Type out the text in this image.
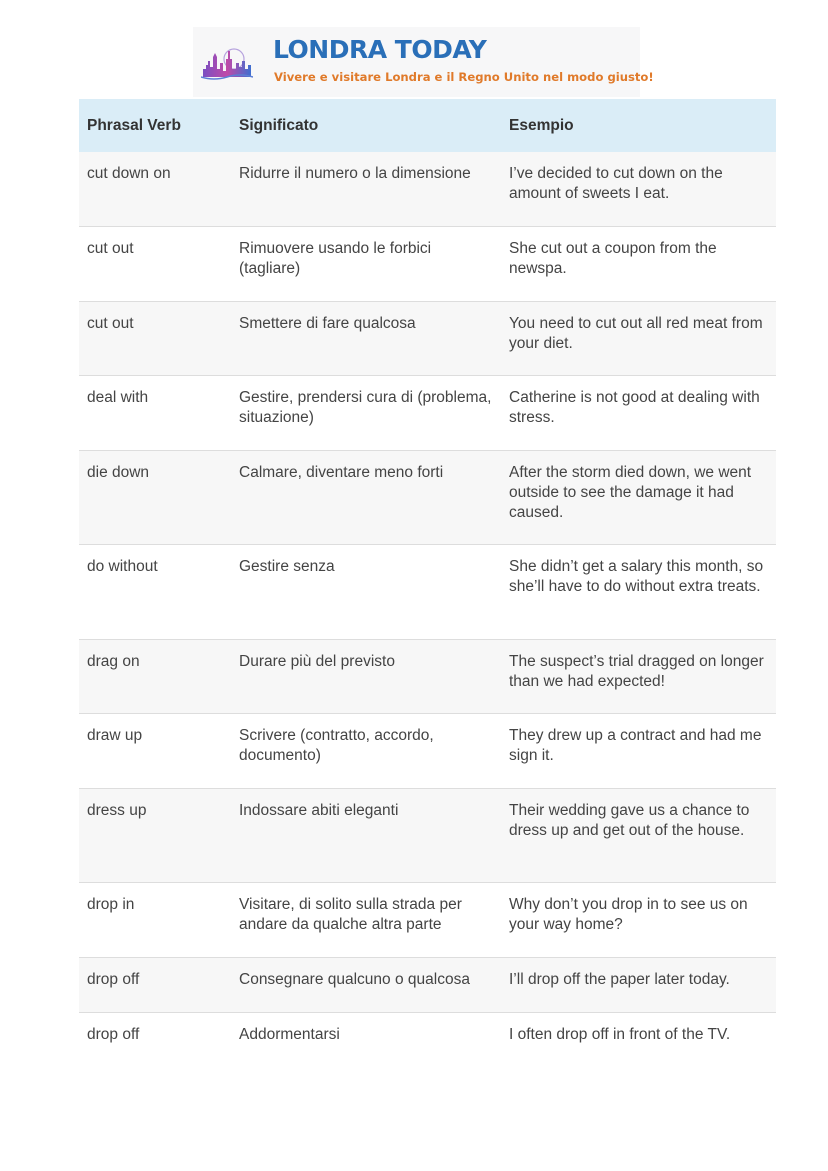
LONDRA TODAY
Vivere e visitare Londra e il Regno Unito nel modo giusto!
Phrasal Verb	Significato	Esempio
cut down on	Ridurre il numero o la dimensione	I’ve decided to cut down on the amount of sweets I eat.
cut out	Rimuovere usando le forbici (tagliare)	She cut out a coupon from the newspa.
cut out	Smettere di fare qualcosa	You need to cut out all red meat from your diet.
deal with	Gestire, prendersi cura di (problema, situazione)	Catherine is not good at dealing with stress.
die down	Calmare, diventare meno forti	After the storm died down, we went outside to see the damage it had caused.
do without	Gestire senza	She didn’t get a salary this month, so she’ll have to do without extra treats.
drag on	Durare più del previsto	The suspect’s trial dragged on longer than we had expected!
draw up	Scrivere (contratto, accordo, documento)	They drew up a contract and had me sign it.
dress up	Indossare abiti eleganti	Their wedding gave us a chance to dress up and get out of the house.
drop in	Visitare, di solito sulla strada per andare da qualche altra parte	Why don’t you drop in to see us on your way home?
drop off	Consegnare qualcuno o qualcosa	I’ll drop off the paper later today.
drop off	Addormentarsi	I often drop off in front of the TV.
